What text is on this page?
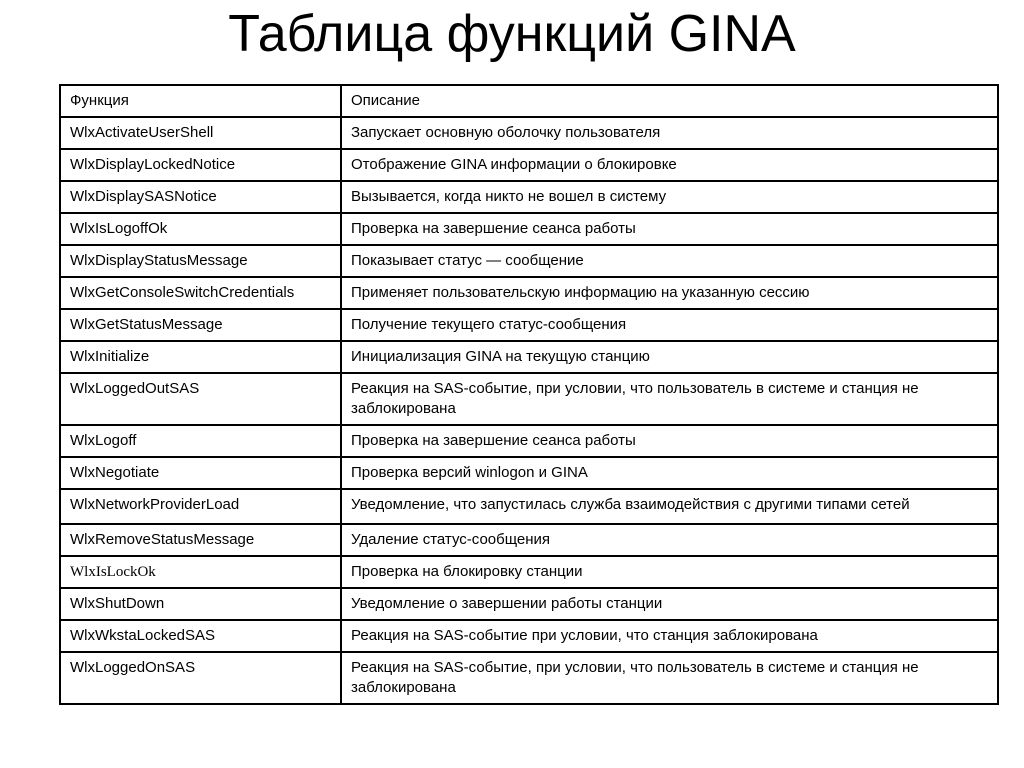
Таблица функций GINA
Функция	Описание
WlxActivateUserShell	Запускает основную оболочку пользователя
WlxDisplayLockedNotice	Отображение GINA информации о блокировке
WlxDisplaySASNotice	Вызывается, когда никто не вошел в систему
WlxIsLogoffOk	Проверка на завершение сеанса работы
WlxDisplayStatusMessage	Показывает статус — сообщение
WlxGetConsoleSwitchCredentials	Применяет пользовательскую информацию на указанную сессию
WlxGetStatusMessage	Получение текущего статус-сообщения
WlxInitialize	Инициализация GINA на текущую станцию
WlxLoggedOutSAS	Реакция на SAS-событие, при условии, что пользователь в системе и станция не заблокирована
WlxLogoff	Проверка на завершение сеанса работы
WlxNegotiate	Проверка версий winlogon и GINA
WlxNetworkProviderLoad	Уведомление, что запустилась служба взаимодействия с другими типами сетей
WlxRemoveStatusMessage	Удаление статус-сообщения
WlxIsLockOk	Проверка на блокировку станции
WlxShutDown	Уведомление о завершении работы станции
WlxWkstaLockedSAS	Реакция на SAS-событие при условии, что станция заблокирована
WlxLoggedOnSAS	Реакция на SAS-событие, при условии, что пользователь в системе и станция не заблокирована
